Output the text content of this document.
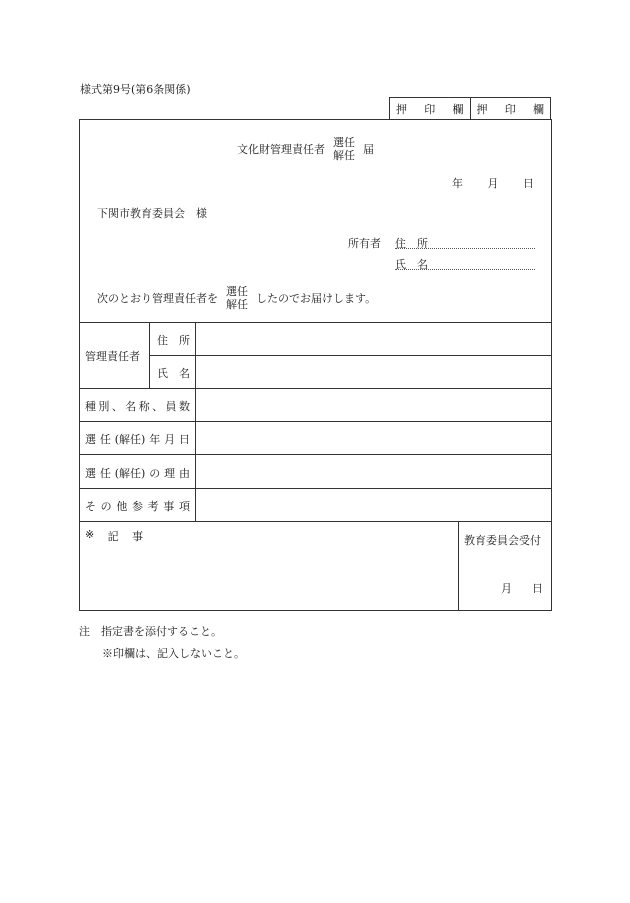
様式第9号(第6条関係)
押 印 欄 押 印 欄
文化財管理責任者
選任
解任 届
年 月 日
下関市教育委員会　様
所有者 住　所
氏　名
次のとおり管理責任者を
選任
解任 したのでお届けします。
管理責任者
住　所
氏　名
種 別 、 名 称 、 員 数
選 任 (解任) 年 月 日
選 任 (解任) の 理 由
そ の 他 参 考 事 項
※ 記 事	教育委員会受付
月 日
注　指定書を添付すること。
※印欄は、記入しないこと。
